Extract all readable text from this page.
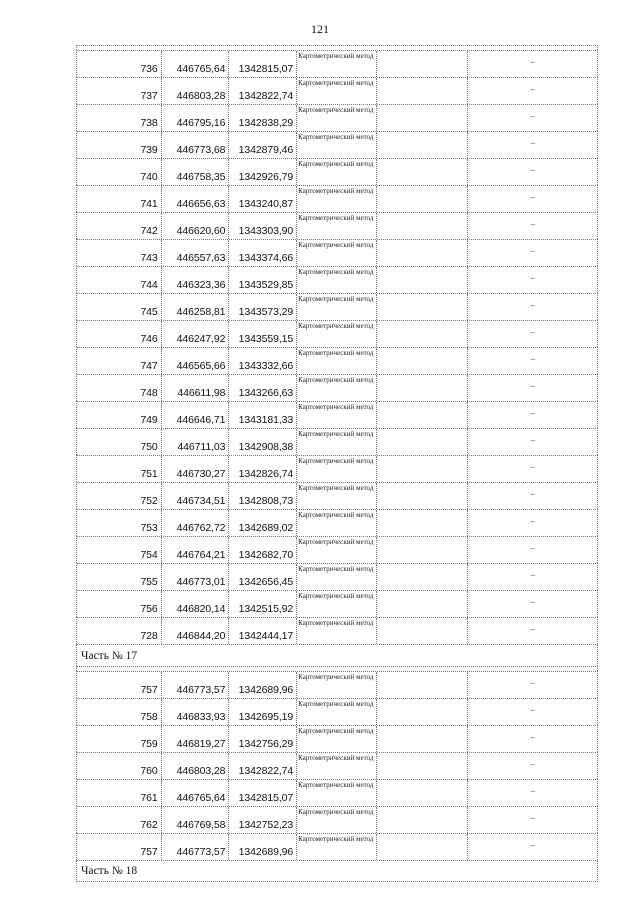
121
736 446765,64 1342815,07
Картометрический метод
–
737 446803,28 1342822,74
Картометрический метод
–
738 446795,16 1342838,29
Картометрический метод
–
739 446773,68 1342879,46
Картометрический метод
–
740 446758,35 1342926,79
Картометрический метод
–
741 446656,63 1343240,87
Картометрический метод
–
742 446620,60 1343303,90
Картометрический метод
–
743 446557,63 1343374,66
Картометрический метод
–
744 446323,36 1343529,85
Картометрический метод
–
745 446258,81 1343573,29
Картометрический метод
–
746 446247,92 1343559,15
Картометрический метод
–
747 446565,66 1343332,66
Картометрический метод
–
748 446611,98 1343266,63
Картометрический метод
–
749 446646,71 1343181,33
Картометрический метод
–
750 446711,03 1342908,38
Картометрический метод
–
751 446730,27 1342826,74
Картометрический метод
–
752 446734,51 1342808,73
Картометрический метод
–
753 446762,72 1342689,02
Картометрический метод
–
754 446764,21 1342682,70
Картометрический метод
–
755 446773,01 1342656,45
Картометрический метод
–
756 446820,14 1342515,92
Картометрический метод
–
728 446844,20 1342444,17
Картометрический метод
–
Часть № 17
757 446773,57 1342689,96
Картометрический метод
–
758 446833,93 1342695,19
Картометрический метод
–
759 446819,27 1342756,29
Картометрический метод
–
760 446803,28 1342822,74
Картометрический метод
–
761 446765,64 1342815,07
Картометрический метод
–
762 446769,58 1342752,23
Картометрический метод
–
757 446773,57 1342689,96
Картометрический метод
–
Часть № 18
